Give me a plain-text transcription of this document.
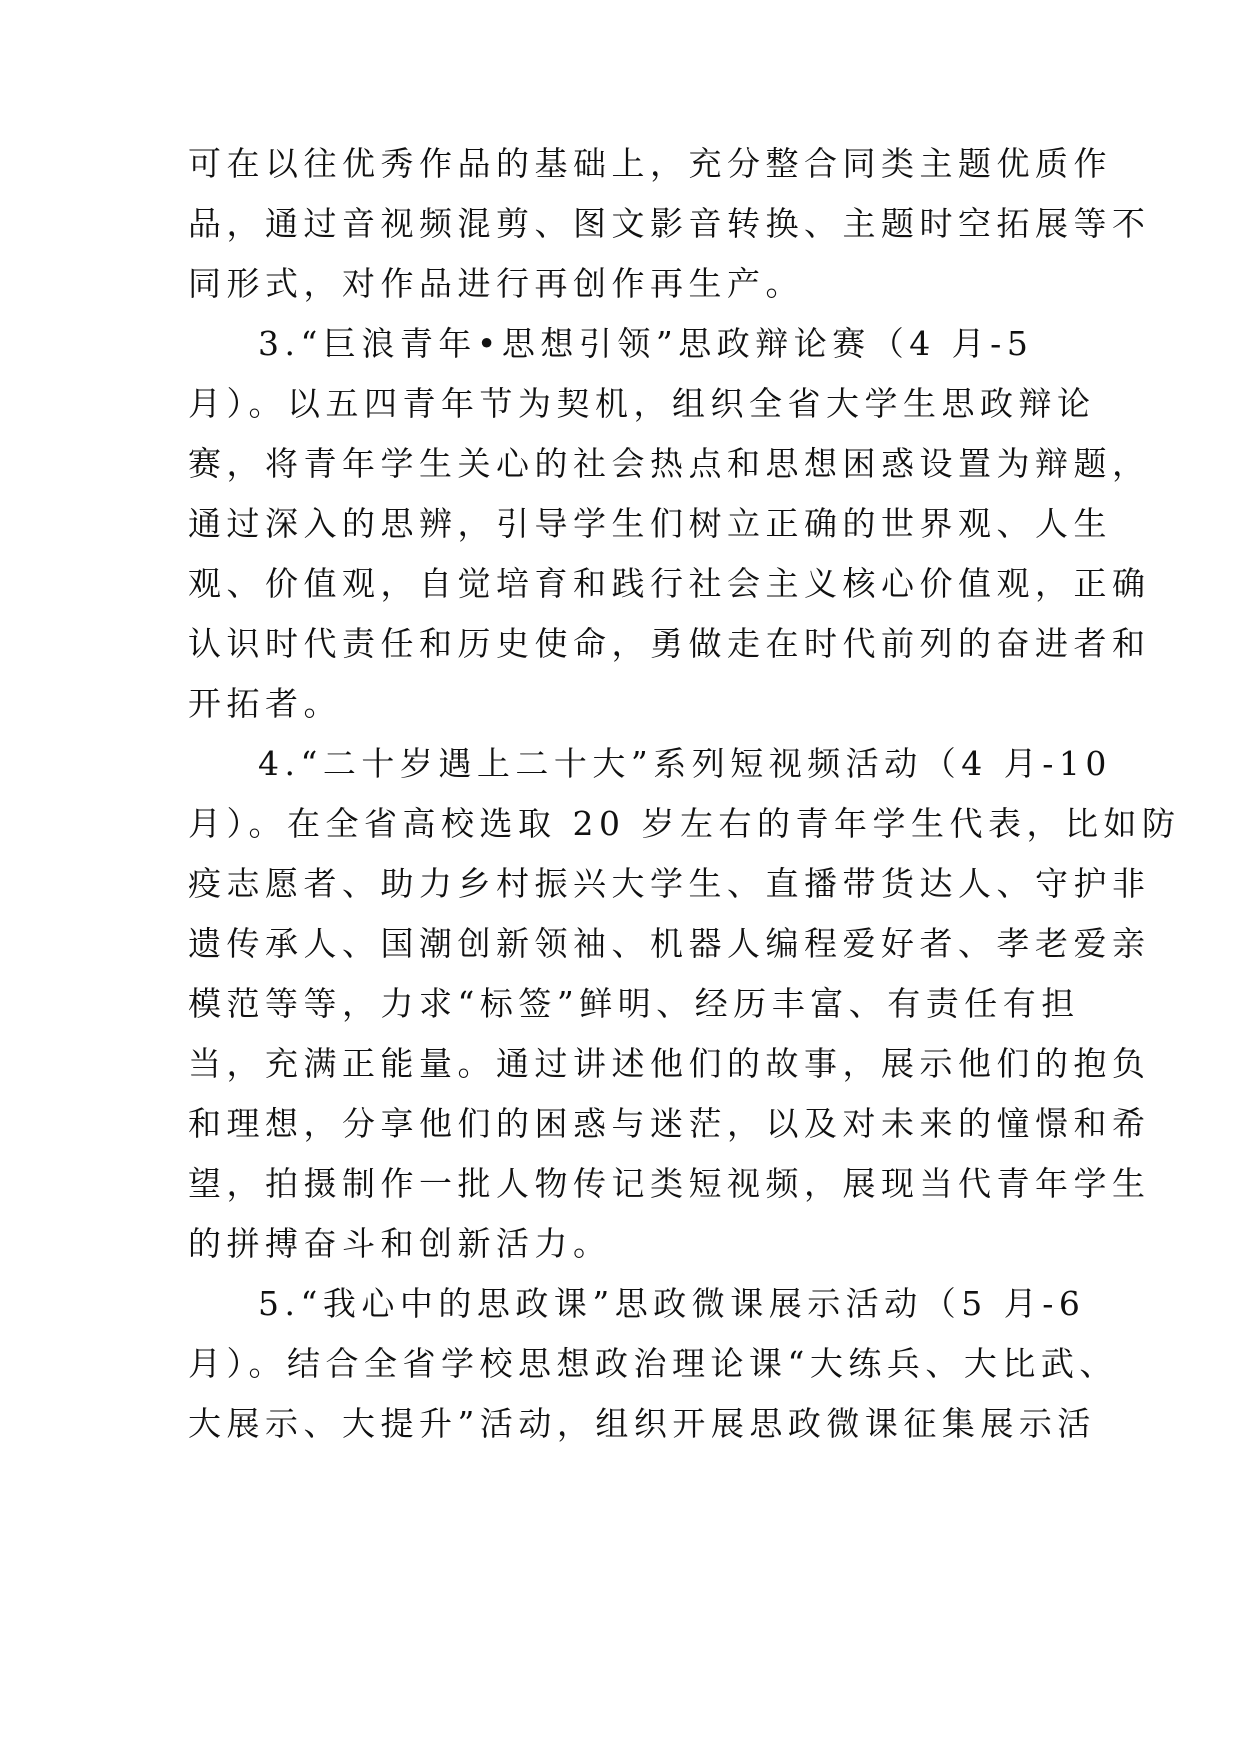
可在以往优秀作品的基础上，充分整合同类主题优质作
品，通过音视频混剪、图文影音转换、主题时空拓展等不
同形式，对作品进行再创作再生产。
3.“巨浪青年•思想引领”思政辩论赛（4 月-5
月）。以五四青年节为契机，组织全省大学生思政辩论
赛，将青年学生关心的社会热点和思想困惑设置为辩题，
通过深入的思辨，引导学生们树立正确的世界观、人生
观、价值观，自觉培育和践行社会主义核心价值观，正确
认识时代责任和历史使命，勇做走在时代前列的奋进者和
开拓者。
4.“二十岁遇上二十大”系列短视频活动（4 月-10
月）。在全省高校选取 20 岁左右的青年学生代表，比如防
疫志愿者、助力乡村振兴大学生、直播带货达人、守护非
遗传承人、国潮创新领袖、机器人编程爱好者、孝老爱亲
模范等等，力求“标签”鲜明、经历丰富、有责任有担
当，充满正能量。通过讲述他们的故事，展示他们的抱负
和理想，分享他们的困惑与迷茫，以及对未来的憧憬和希
望，拍摄制作一批人物传记类短视频，展现当代青年学生
的拼搏奋斗和创新活力。
5.“我心中的思政课”思政微课展示活动（5 月-6
月）。结合全省学校思想政治理论课“大练兵、大比武、
大展示、大提升”活动，组织开展思政微课征集展示活
